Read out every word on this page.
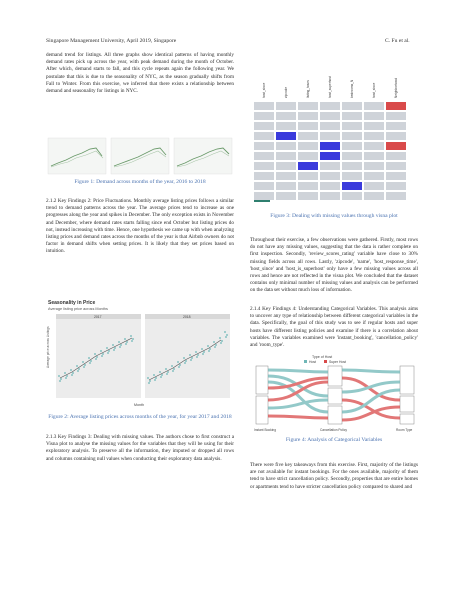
Singapore Management University, April 2019, Singapore	C. Fu et al.
demand trend for listings. All three graphs show identical patterns of having monthly demand rates pick up across the year, with peak demand during the month of October. After which, demand starts to fall, and this cycle repeats again the following year. We postulate that this is due to the seasonality of NYC, as the season gradually shifts from Fall to Winter. From this exercise, we inferred that there exists a relationship between demand and seasonality for listings in NYC.
Figure 1: Demand across months of the year, 2016 to 2018
2.1.2 Key Findings 2: Price Fluctuations. Monthly average listing prices follows a similar trend to demand patterns across the year. The average prices tend to increase as one progresses along the year and spikes in December. The only exception exists in November and December, where demand rates starts falling since end October but listing prices do not, instead increasing with time. Hence, one hypothesis we came up with when analyzing listing prices and demand rates across the months of the year is that Airbnb owners do not factor in demand shifts when setting prices. It is likely that they set prices based on intuition.
Seasonality in Price
Average listing price across Months
Average price across Listings
2017	2018
Month
Figure 2: Average listing prices across months of the year, for year 2017 and 2018
2.1.3 Key Findings 3: Dealing with missing values. The authors chose to first construct a Visna plot to analyse the missing values for the variables that they will be using for their exploratory analysis. To preserve all the information, they imputed or dropped all rows and columns containing null values when conducting their exploratory data analysis.
host_since	zipcode	listing_hours	host_superhost	bedrooms_N	host_since	Neighborhood
Figure 3: Dealing with missing values through visna plot
Throughout their exercise, a few observations were gathered. Firstly, most rows do not have any missing values, suggesting that the data is rather complete on first inspection. Secondly, 'review_scores_rating' variable have close to 30% missing fields across all rows. Lastly, 'zipcode', 'name', 'host_response_time', 'host_since' and 'host_is_superhost' only have a few missing values across all rows and hence are not reflected in the visna plot. We concluded that the dataset contains only minimal number of missing values and analysis can be performed on the data set without much loss of information.
2.1.4 Key Findings 4: Understanding Categorical Variables. This analysis aims to uncover any type of relationship between different categorical variables in the data. Specifically, the goal of this study was to see if regular hosts and super hosts have different listing policies and examine if there is a correlation about variables. The variables examined were 'instant_booking', 'cancellation_policy' and 'room_type'.
Type of Host
Host	Super Host
Instant Booking	Cancellation Policy	Room Type
Figure 4: Analysis of Categorical Variables
There were five key takeaways from this exercise. First, majority of the listings are not available for instant bookings. For the ones available, majority of them tend to have strict cancellation policy. Secondly, properties that are entire homes or apartments tend to have stricter cancellation policy compared to shared and
